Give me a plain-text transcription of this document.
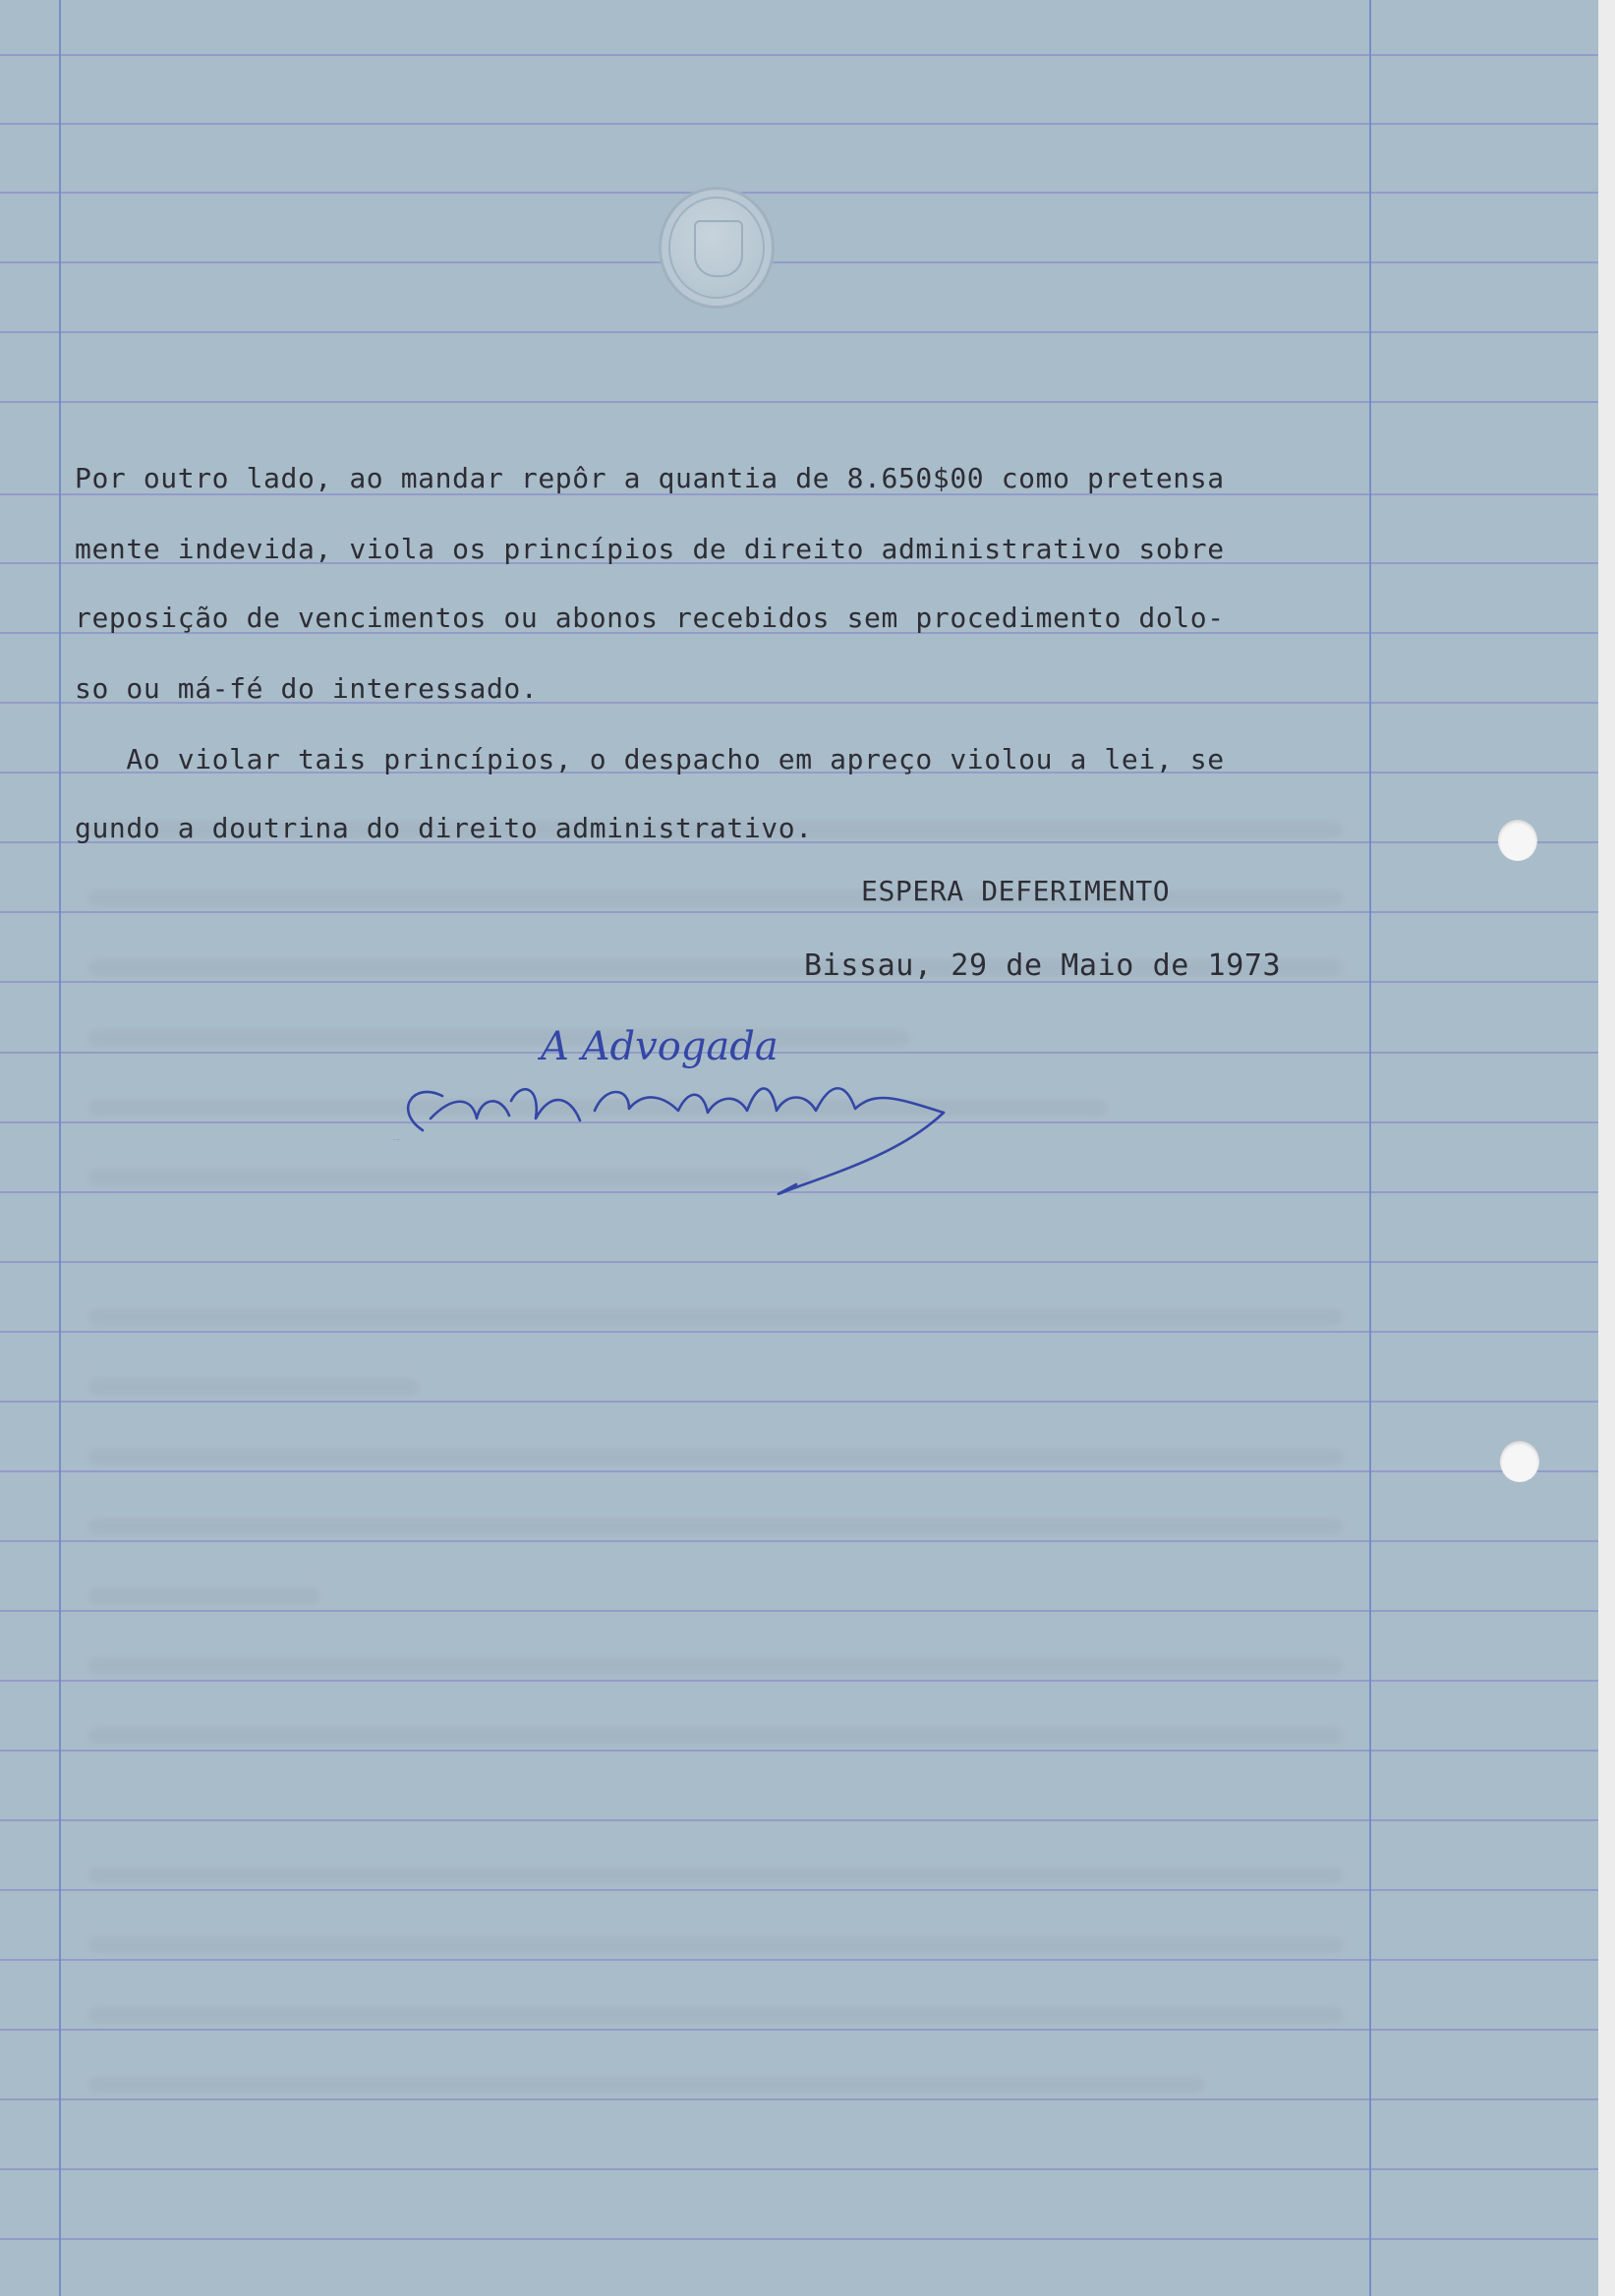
Por outro lado, ao mandar repôr a quantia de 8.650$00 como pretensa
mente indevida, viola os princípios de direito administrativo sobre
reposição de vencimentos ou abonos recebidos sem procedimento dolo-
so ou má-fé do interessado.
Ao violar tais princípios, o despacho em apreço violou a lei, se
gundo a doutrina do direito administrativo.
ESPERA DEFERIMENTO
Bissau, 29 de Maio de 1973
A Advogada
Alda ... Sadat
